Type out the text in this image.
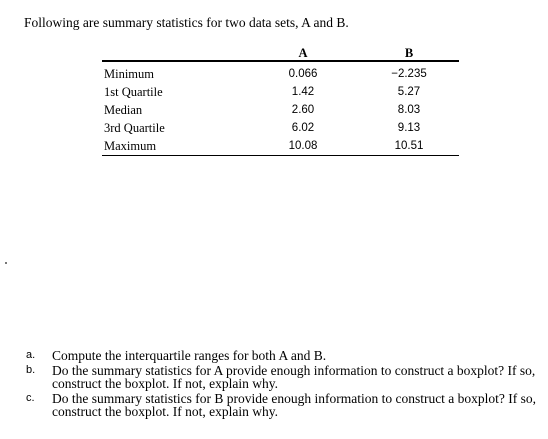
Following are summary statistics for two data sets, A and B.
	A	B
Minimum	0.066	−2.235
1st Quartile	1.42	5.27
Median	2.60	8.03
3rd Quartile	6.02	9.13
Maximum	10.08	10.51
a.	Compute the interquartile ranges for both A and B.
b.	Do the summary statistics for A provide enough information to construct a boxplot? If so, construct the boxplot. If not, explain why.
c.	Do the summary statistics for B provide enough information to construct a boxplot? If so, construct the boxplot. If not, explain why.
